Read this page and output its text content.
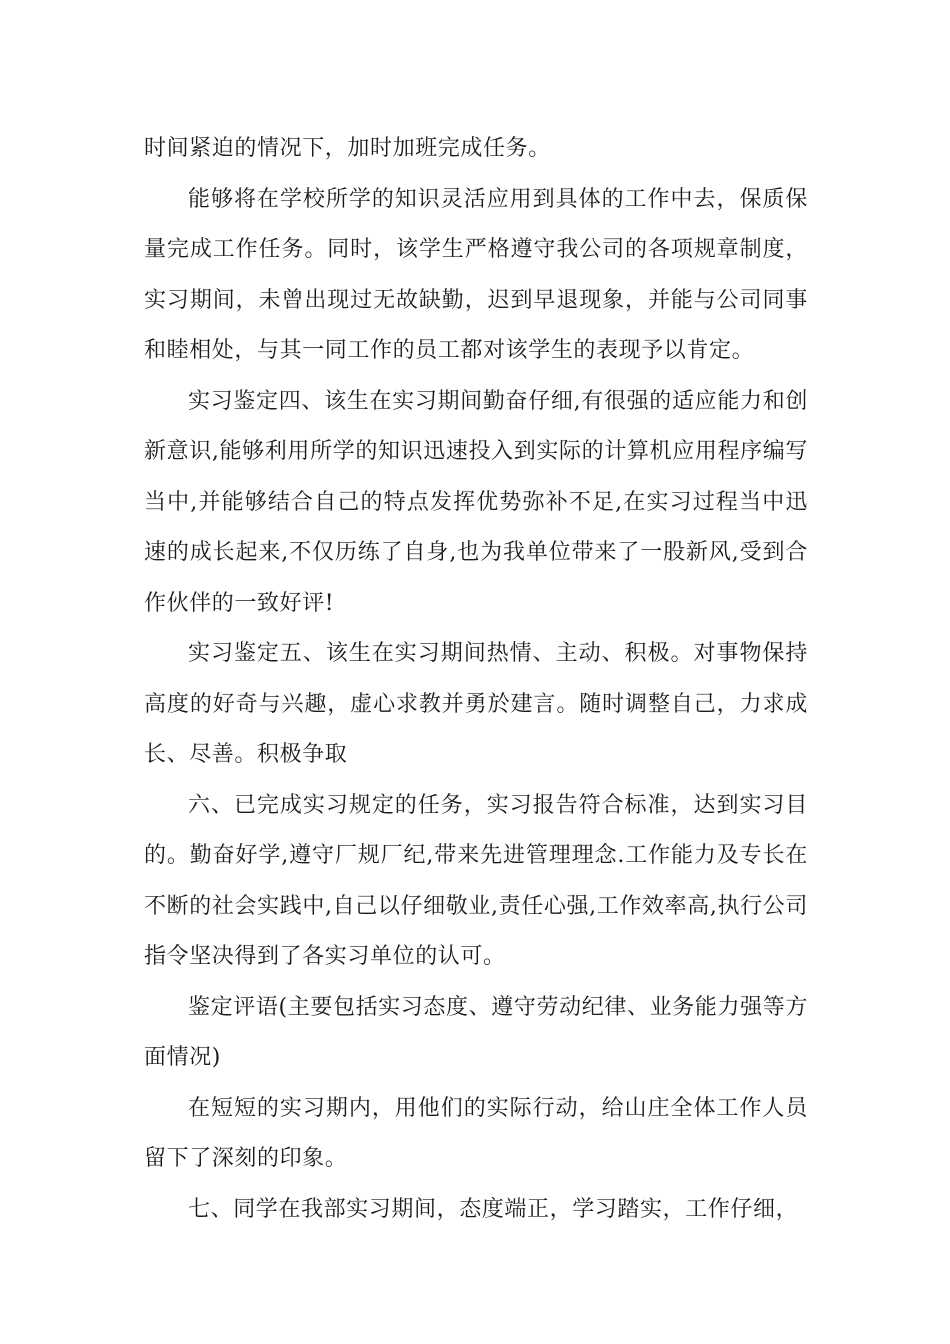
时间紧迫的情况下，加时加班完成任务。

能够将在学校所学的知识灵活应用到具体的工作中去，保质保量完成工作任务。同时，该学生严格遵守我公司的各项规章制度，实习期间，未曾出现过无故缺勤，迟到早退现象，并能与公司同事和睦相处，与其一同工作的员工都对该学生的表现予以肯定。

实习鉴定四、该生在实习期间勤奋仔细,有很强的适应能力和创新意识,能够利用所学的知识迅速投入到实际的计算机应用程序编写当中,并能够结合自己的特点发挥优势弥补不足,在实习过程当中迅速的成长起来,不仅历练了自身,也为我单位带来了一股新风,受到合作伙伴的一致好评!

实习鉴定五、该生在实习期间热情、主动、积极。对事物保持高度的好奇与兴趣，虚心求教并勇於建言。随时调整自己，力求成长、尽善。积极争取

六、已完成实习规定的任务，实习报告符合标准，达到实习目的。勤奋好学,遵守厂规厂纪,带来先进管理理念.工作能力及专长在不断的社会实践中,自己以仔细敬业,责任心强,工作效率高,执行公司指令坚决得到了各实习单位的认可。

鉴定评语(主要包括实习态度、遵守劳动纪律、业务能力强等方面情况)

在短短的实习期内，用他们的实际行动，给山庄全体工作人员留下了深刻的印象。

七、同学在我部实习期间，态度端正，学习踏实，工作仔细，
